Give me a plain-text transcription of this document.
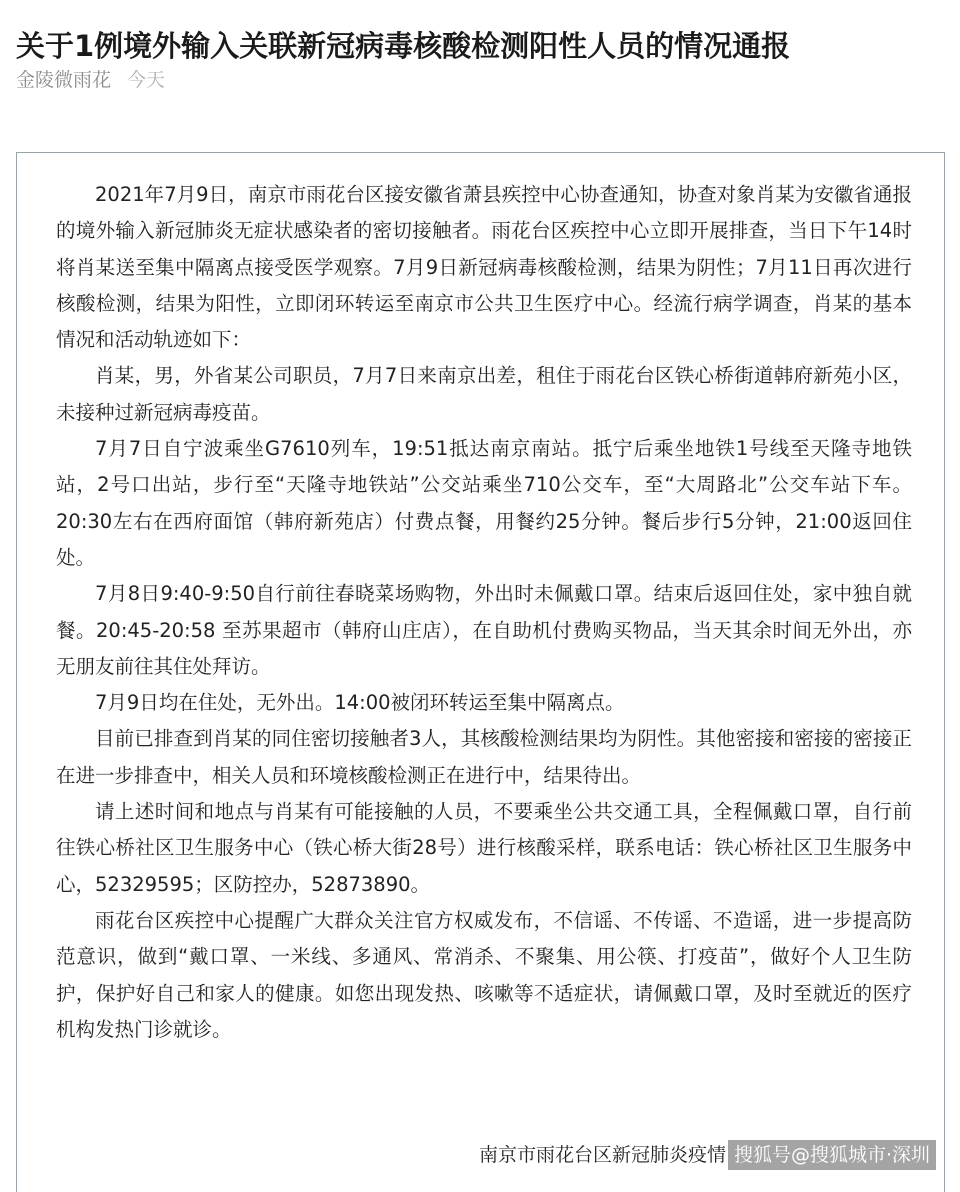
关于1例境外输入关联新冠病毒核酸检测阳性人员的情况通报
金陵微雨花 今天

2021年7月9日，南京市雨花台区接安徽省萧县疾控中心协查通知，协查对象肖某为安徽省通报的境外输入新冠肺炎无症状感染者的密切接触者。雨花台区疾控中心立即开展排查，当日下午14时将肖某送至集中隔离点接受医学观察。7月9日新冠病毒核酸检测，结果为阴性；7月11日再次进行核酸检测，结果为阳性，立即闭环转运至南京市公共卫生医疗中心。经流行病学调查，肖某的基本情况和活动轨迹如下：

肖某，男，外省某公司职员，7月7日来南京出差，租住于雨花台区铁心桥街道韩府新苑小区，未接种过新冠病毒疫苗。

7月7日自宁波乘坐G7610列车，19:51抵达南京南站。抵宁后乘坐地铁1号线至天隆寺地铁站，2号口出站，步行至“天隆寺地铁站”公交站乘坐710公交车，至“大周路北”公交车站下车。20:30左右在西府面馆（韩府新苑店）付费点餐，用餐约25分钟。餐后步行5分钟，21:00返回住处。

7月8日9:40-9:50自行前往春晓菜场购物，外出时未佩戴口罩。结束后返回住处，家中独自就餐。20:45-20:58 至苏果超市（韩府山庄店），在自助机付费购买物品，当天其余时间无外出，亦无朋友前往其住处拜访。

7月9日均在住处，无外出。14:00被闭环转运至集中隔离点。

目前已排查到肖某的同住密切接触者3人，其核酸检测结果均为阴性。其他密接和密接的密接正在进一步排查中，相关人员和环境核酸检测正在进行中，结果待出。

请上述时间和地点与肖某有可能接触的人员，不要乘坐公共交通工具，全程佩戴口罩，自行前往铁心桥社区卫生服务中心（铁心桥大街28号）进行核酸采样，联系电话：铁心桥社区卫生服务中心，52329595；区防控办，52873890。

雨花台区疾控中心提醒广大群众关注官方权威发布，不信谣、不传谣、不造谣，进一步提高防范意识，做到“戴口罩、一米线、多通风、常消杀、不聚集、用公筷、打疫苗”，做好个人卫生防护，保护好自己和家人的健康。如您出现发热、咳嗽等不适症状，请佩戴口罩，及时至就近的医疗机构发热门诊就诊。

南京市雨花台区新冠肺炎疫情 搜狐号@搜狐城市·深圳
